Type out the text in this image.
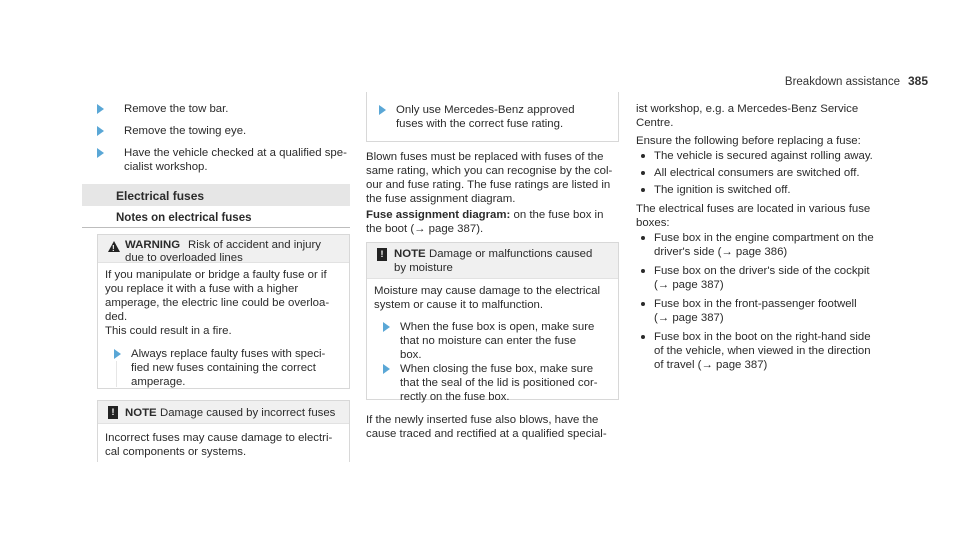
Breakdown assistance 385
Remove the tow bar.
Remove the towing eye.
Have the vehicle checked at a qualified spe-
cialist workshop.
Electrical fuses
Notes on electrical fuses
!
WARNING Risk of accident and injury
due to overloaded lines
If you manipulate or bridge a faulty fuse or if
you replace it with a fuse with a higher
amperage, the electric line could be overloa-
ded.
This could result in a fire.
Always replace faulty fuses with speci-
fied new fuses containing the correct
amperage.
! NOTE Damage caused by incorrect fuses
Incorrect fuses may cause damage to electri-
cal components or systems.
Only use Mercedes-Benz approved
fuses with the correct fuse rating.
Blown fuses must be replaced with fuses of the
same rating, which you can recognise by the col-
our and fuse rating. The fuse ratings are listed in
the fuse assignment diagram.
Fuse assignment diagram: on the fuse box in
the boot (→ page 387).
! NOTE Damage or malfunctions caused
by moisture
Moisture may cause damage to the electrical
system or cause it to malfunction.
When the fuse box is open, make sure
that no moisture can enter the fuse
box.
When closing the fuse box, make sure
that the seal of the lid is positioned cor-
rectly on the fuse box.
If the newly inserted fuse also blows, have the
cause traced and rectified at a qualified special-
ist workshop, e.g. a Mercedes-Benz Service
Centre.
Ensure the following before replacing a fuse:
The vehicle is secured against rolling away.
All electrical consumers are switched off.
The ignition is switched off.
The electrical fuses are located in various fuse
boxes:
Fuse box in the engine compartment on the
driver's side (→ page 386)
Fuse box on the driver's side of the cockpit
(→ page 387)
Fuse box in the front-passenger footwell
(→ page 387)
Fuse box in the boot on the right-hand side
of the vehicle, when viewed in the direction
of travel (→ page 387)
